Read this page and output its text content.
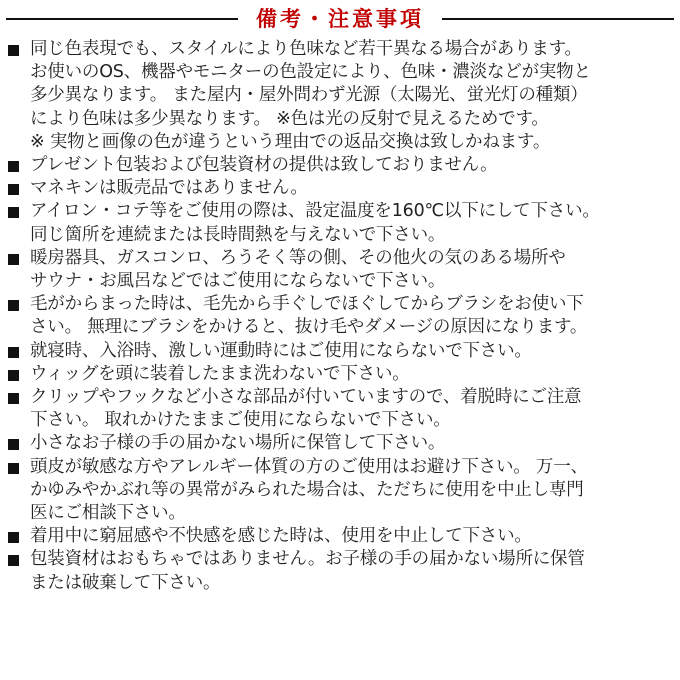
備考・注意事項
同じ色表現でも、スタイルにより色味など若干異なる場合があります。
お使いのOS、機器やモニターの色設定により、色味・濃淡などが実物と
多少異なります。 また屋内・屋外問わず光源（太陽光、蛍光灯の種類）
により色味は多少異なります。 ※色は光の反射で見えるためです。
※ 実物と画像の色が違うという理由での返品交換は致しかねます。
プレゼント包装および包装資材の提供は致しておりません。
マネキンは販売品ではありません。
アイロン・コテ等をご使用の際は、設定温度を160℃以下にして下さい。
同じ箇所を連続または長時間熱を与えないで下さい。
暖房器具、ガスコンロ、ろうそく等の側、その他火の気のある場所や
サウナ・お風呂などではご使用にならないで下さい。
毛がからまった時は、毛先から手ぐしでほぐしてからブラシをお使い下
さい。 無理にブラシをかけると、抜け毛やダメージの原因になります。
就寝時、入浴時、激しい運動時にはご使用にならないで下さい。
ウィッグを頭に装着したまま洗わないで下さい。
クリップやフックなど小さな部品が付いていますので、着脱時にご注意
下さい。 取れかけたままご使用にならないで下さい。
小さなお子様の手の届かない場所に保管して下さい。
頭皮が敏感な方やアレルギー体質の方のご使用はお避け下さい。 万一、
かゆみやかぶれ等の異常がみられた場合は、ただちに使用を中止し専門
医にご相談下さい。
着用中に窮屈感や不快感を感じた時は、使用を中止して下さい。
包装資材はおもちゃではありません。お子様の手の届かない場所に保管
または破棄して下さい。
